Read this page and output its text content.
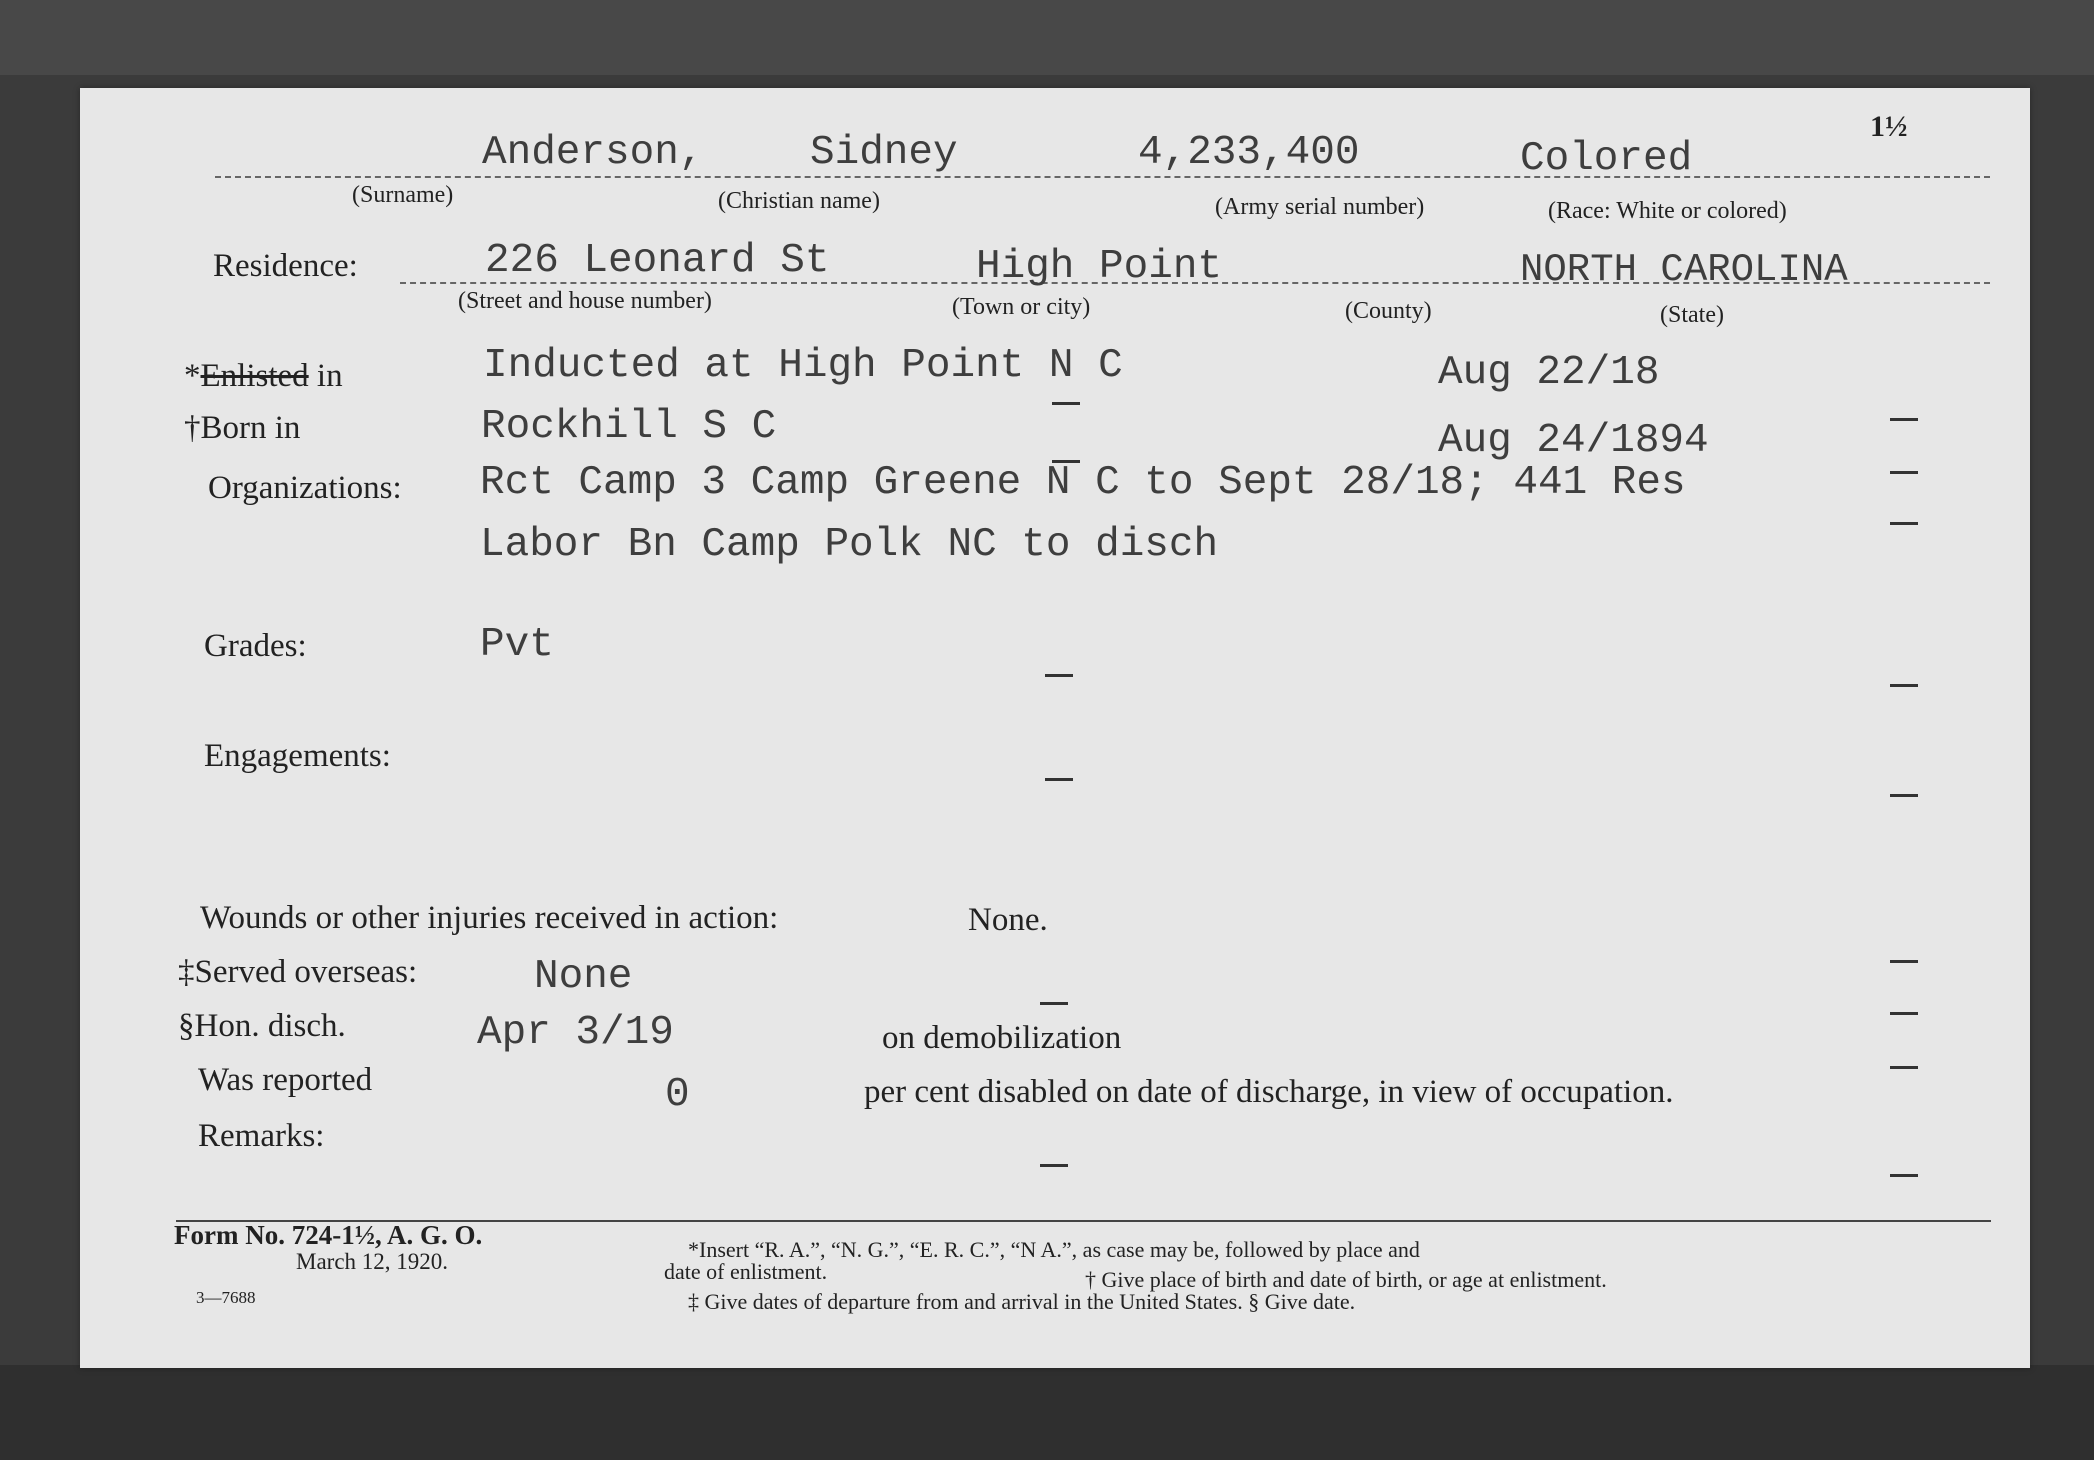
1½
Anderson,	Sidney	4,233,400	Colored
(Surname)	(Christian name)	(Army serial number)	(Race: White or colored)
Residence:	226 Leonard St	High Point	NORTH CAROLINA
(Street and house number)	(Town or city)	(County)	(State)
*Enlisted in	Inducted at High Point N C	Aug 22/18
†Born in	Rockhill S C	Aug 24/1894
Organizations: Rct Camp 3 Camp Greene N C to Sept 28/18; 441 Res
Labor Bn Camp Polk NC to disch
Grades:	Pvt
Engagements:
Wounds or other injuries received in action:	None.
‡Served overseas:	None
§Hon. disch.	Apr 3/19	on demobilization
Was reported	0	per cent disabled on date of discharge, in view of occupation.
Remarks:
Form No. 724-1½, A. G. O.
March 12, 1920.
3—7688
*Insert “R. A.”, “N. G.”, “E. R. C.”, “N A.”, as case may be, followed by place and
date of enlistment.	† Give place of birth and date of birth, or age at enlistment.
‡ Give dates of departure from and arrival in the United States. § Give date.
